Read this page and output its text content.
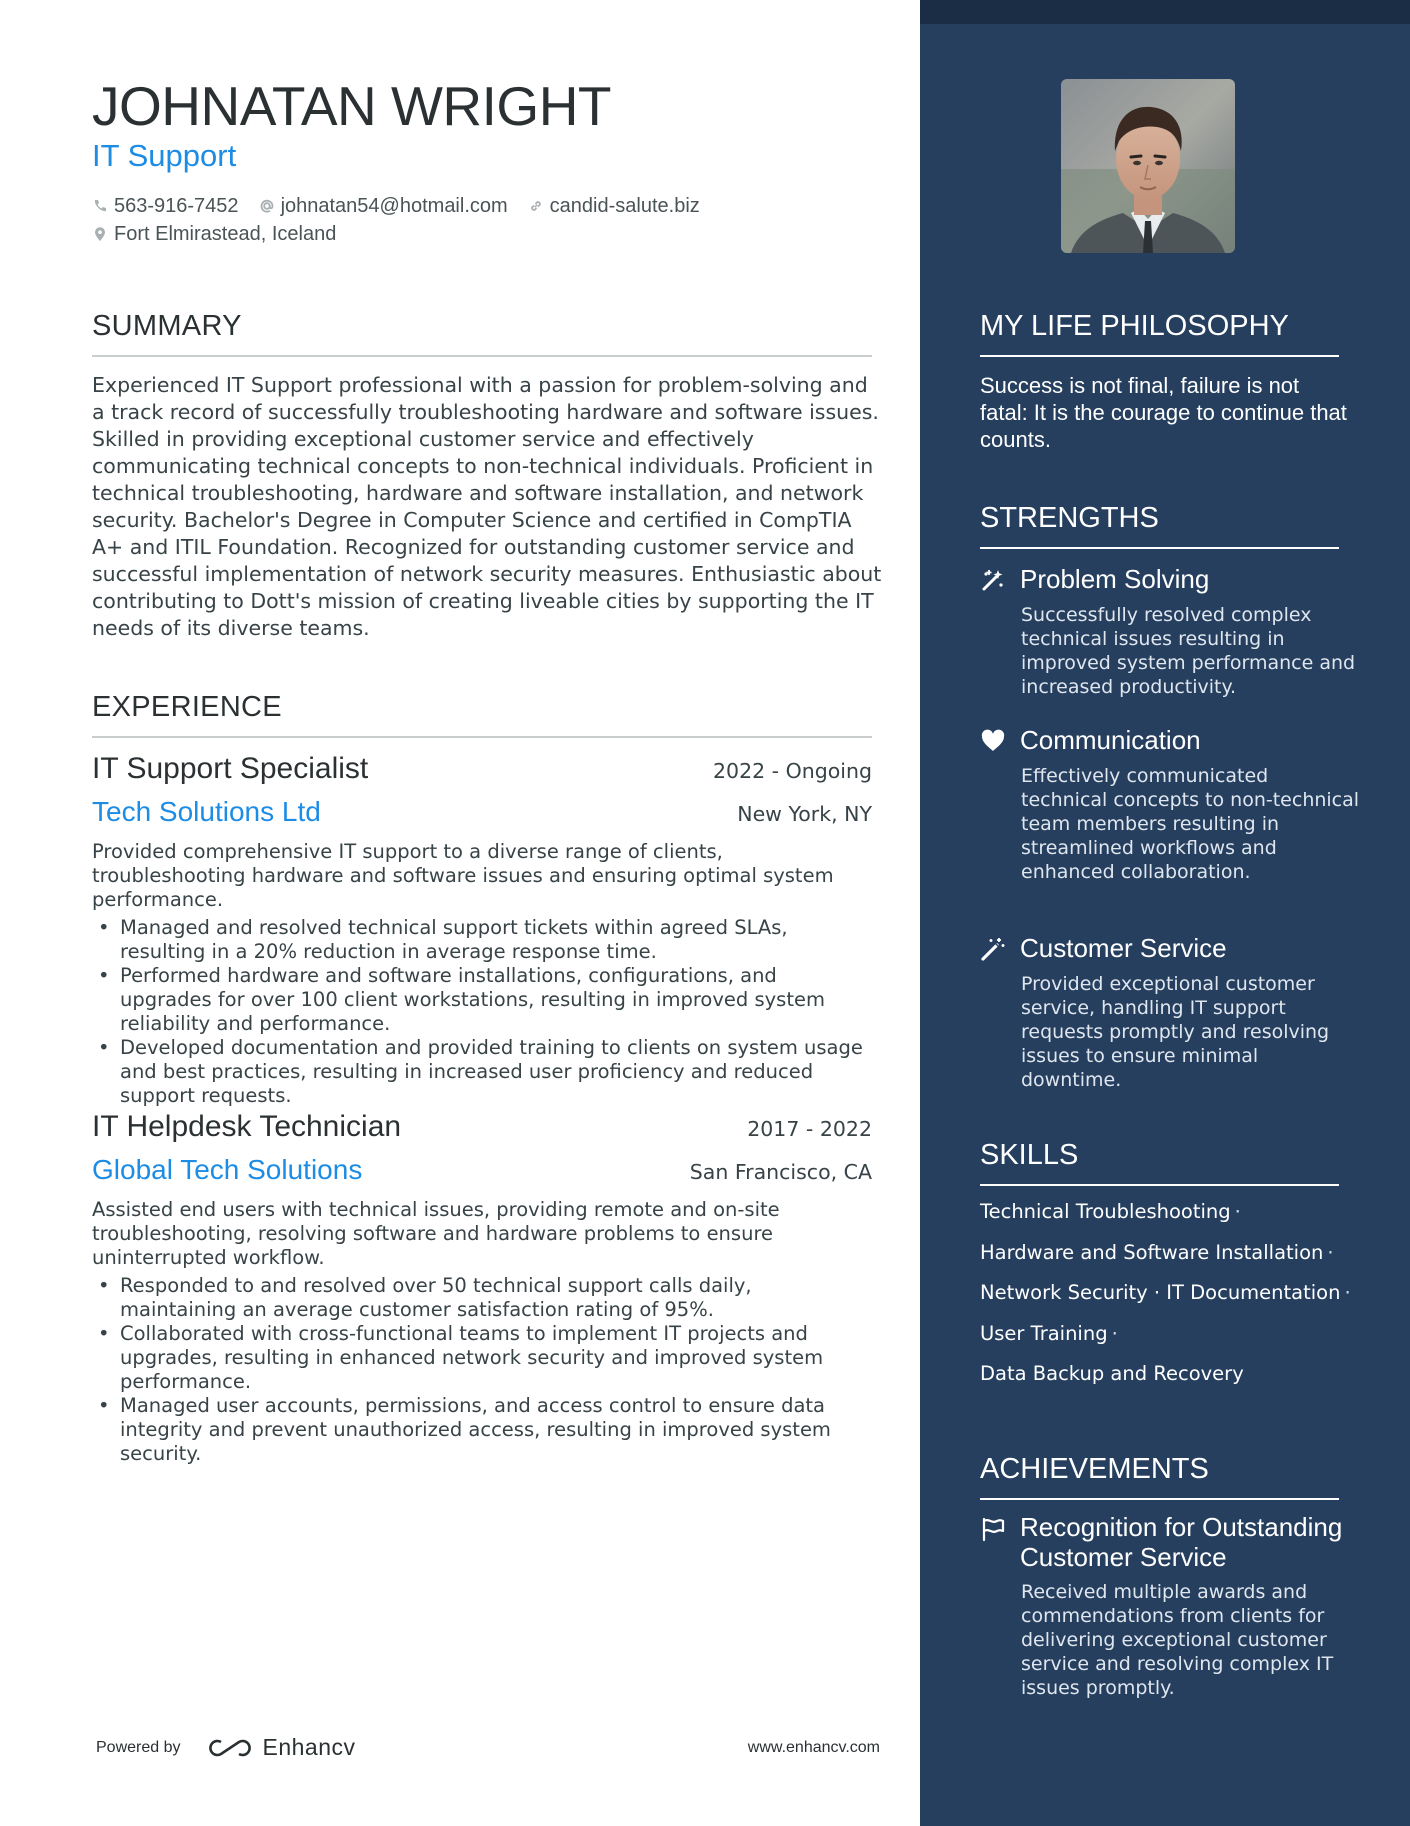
JOHNATAN WRIGHT
IT Support
563-916-7452 johnatan54@hotmail.com candid-salute.biz
Fort Elmirastead, Iceland
SUMMARY
Experienced IT Support professional with a passion for problem-solving and a track record of successfully troubleshooting hardware and software issues. Skilled in providing exceptional customer service and effectively communicating technical concepts to non-technical individuals. Proficient in technical troubleshooting, hardware and software installation, and network security. Bachelor's Degree in Computer Science and certified in CompTIA A+ and ITIL Foundation. Recognized for outstanding customer service and successful implementation of network security measures. Enthusiastic about contributing to Dott's mission of creating liveable cities by supporting the IT needs of its diverse teams.
EXPERIENCE
IT Support Specialist	2022 - Ongoing
Tech Solutions Ltd	New York, NY
Provided comprehensive IT support to a diverse range of clients, troubleshooting hardware and software issues and ensuring optimal system performance.
• Managed and resolved technical support tickets within agreed SLAs, resulting in a 20% reduction in average response time.
• Performed hardware and software installations, configurations, and upgrades for over 100 client workstations, resulting in improved system reliability and performance.
• Developed documentation and provided training to clients on system usage and best practices, resulting in increased user proficiency and reduced support requests.
IT Helpdesk Technician	2017 - 2022
Global Tech Solutions	San Francisco, CA
Assisted end users with technical issues, providing remote and on-site troubleshooting, resolving software and hardware problems to ensure uninterrupted workflow.
• Responded to and resolved over 50 technical support calls daily, maintaining an average customer satisfaction rating of 95%.
• Collaborated with cross-functional teams to implement IT projects and upgrades, resulting in enhanced network security and improved system performance.
• Managed user accounts, permissions, and access control to ensure data integrity and prevent unauthorized access, resulting in improved system security.
Powered by	Enhancv	www.enhancv.com
MY LIFE PHILOSOPHY
Success is not final, failure is not fatal: It is the courage to continue that counts.
STRENGTHS
Problem Solving
Successfully resolved complex technical issues resulting in improved system performance and increased productivity.
Communication
Effectively communicated technical concepts to non-technical team members resulting in streamlined workflows and enhanced collaboration.
Customer Service
Provided exceptional customer service, handling IT support requests promptly and resolving issues to ensure minimal downtime.
SKILLS
Technical Troubleshooting ·
Hardware and Software Installation ·
Network Security · IT Documentation ·
User Training ·
Data Backup and Recovery
ACHIEVEMENTS
Recognition for Outstanding Customer Service
Received multiple awards and commendations from clients for delivering exceptional customer service and resolving complex IT issues promptly.
